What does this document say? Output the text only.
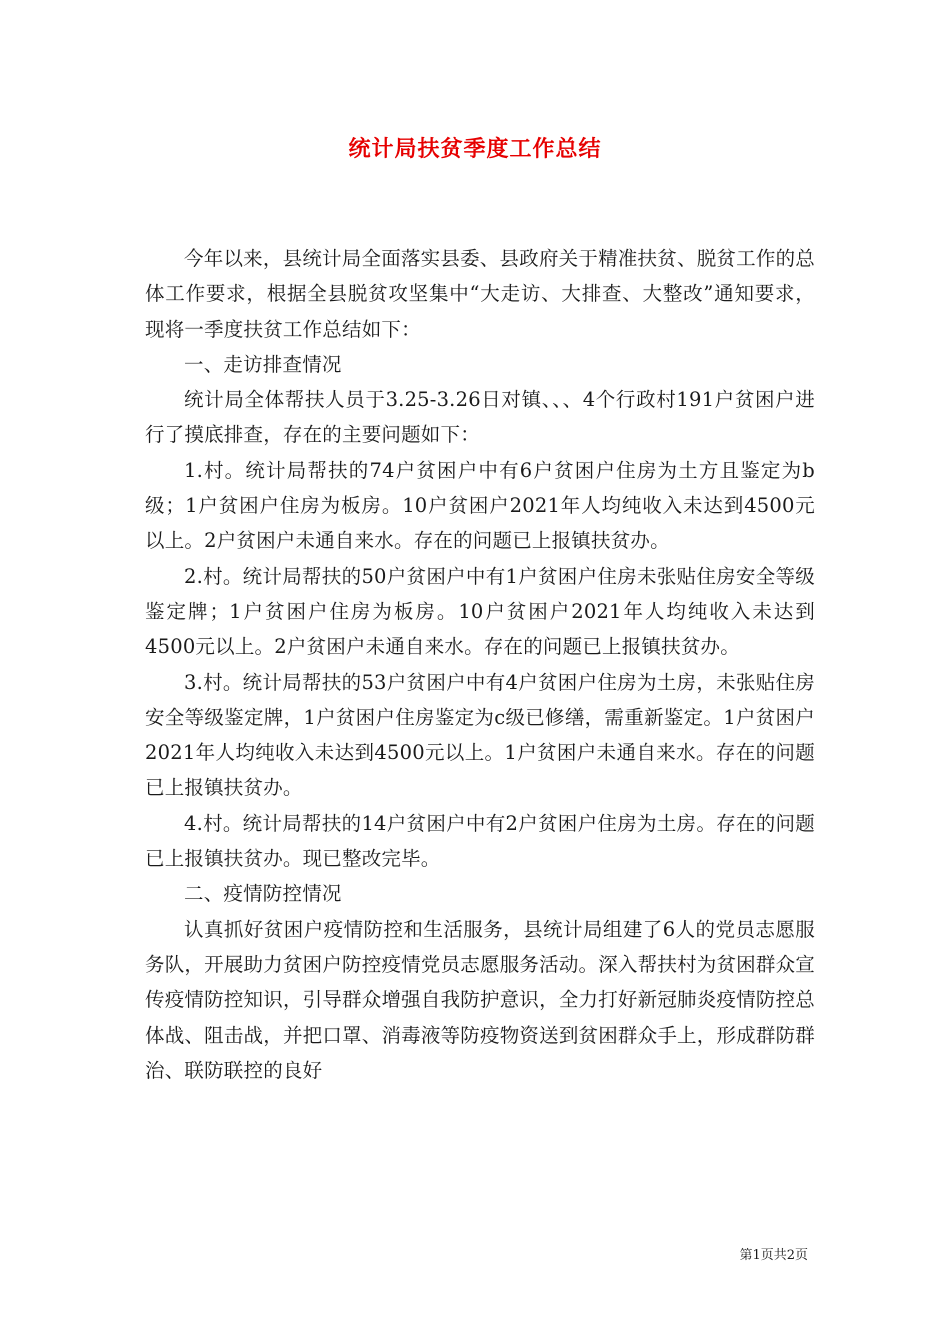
统计局扶贫季度工作总结

今年以来，县统计局全面落实县委、县政府关于精准扶贫、脱贫工作的总体工作要求，根据全县脱贫攻坚集中“大走访、大排查、大整改”通知要求，现将一季度扶贫工作总结如下：

一、走访排查情况

统计局全体帮扶人员于3.25-3.26日对镇、、、4个行政村191户贫困户进行了摸底排查，存在的主要问题如下：

1.村。统计局帮扶的74户贫困户中有6户贫困户住房为土方且鉴定为b级；1户贫困户住房为板房。10户贫困户2021年人均纯收入未达到4500元以上。2户贫困户未通自来水。存在的问题已上报镇扶贫办。

2.村。统计局帮扶的50户贫困户中有1户贫困户住房未张贴住房安全等级鉴定牌；1户贫困户住房为板房。10户贫困户2021年人均纯收入未达到4500元以上。2户贫困户未通自来水。存在的问题已上报镇扶贫办。

3.村。统计局帮扶的53户贫困户中有4户贫困户住房为土房，未张贴住房安全等级鉴定牌，1户贫困户住房鉴定为c级已修缮，需重新鉴定。1户贫困户2021年人均纯收入未达到4500元以上。1户贫困户未通自来水。存在的问题已上报镇扶贫办。

4.村。统计局帮扶的14户贫困户中有2户贫困户住房为土房。存在的问题已上报镇扶贫办。现已整改完毕。

二、疫情防控情况

认真抓好贫困户疫情防控和生活服务，县统计局组建了6人的党员志愿服务队，开展助力贫困户防控疫情党员志愿服务活动。深入帮扶村为贫困群众宣传疫情防控知识，引导群众增强自我防护意识，全力打好新冠肺炎疫情防控总体战、阻击战，并把口罩、消毒液等防疫物资送到贫困群众手上，形成群防群治、联防联控的良好

第1页共2页
